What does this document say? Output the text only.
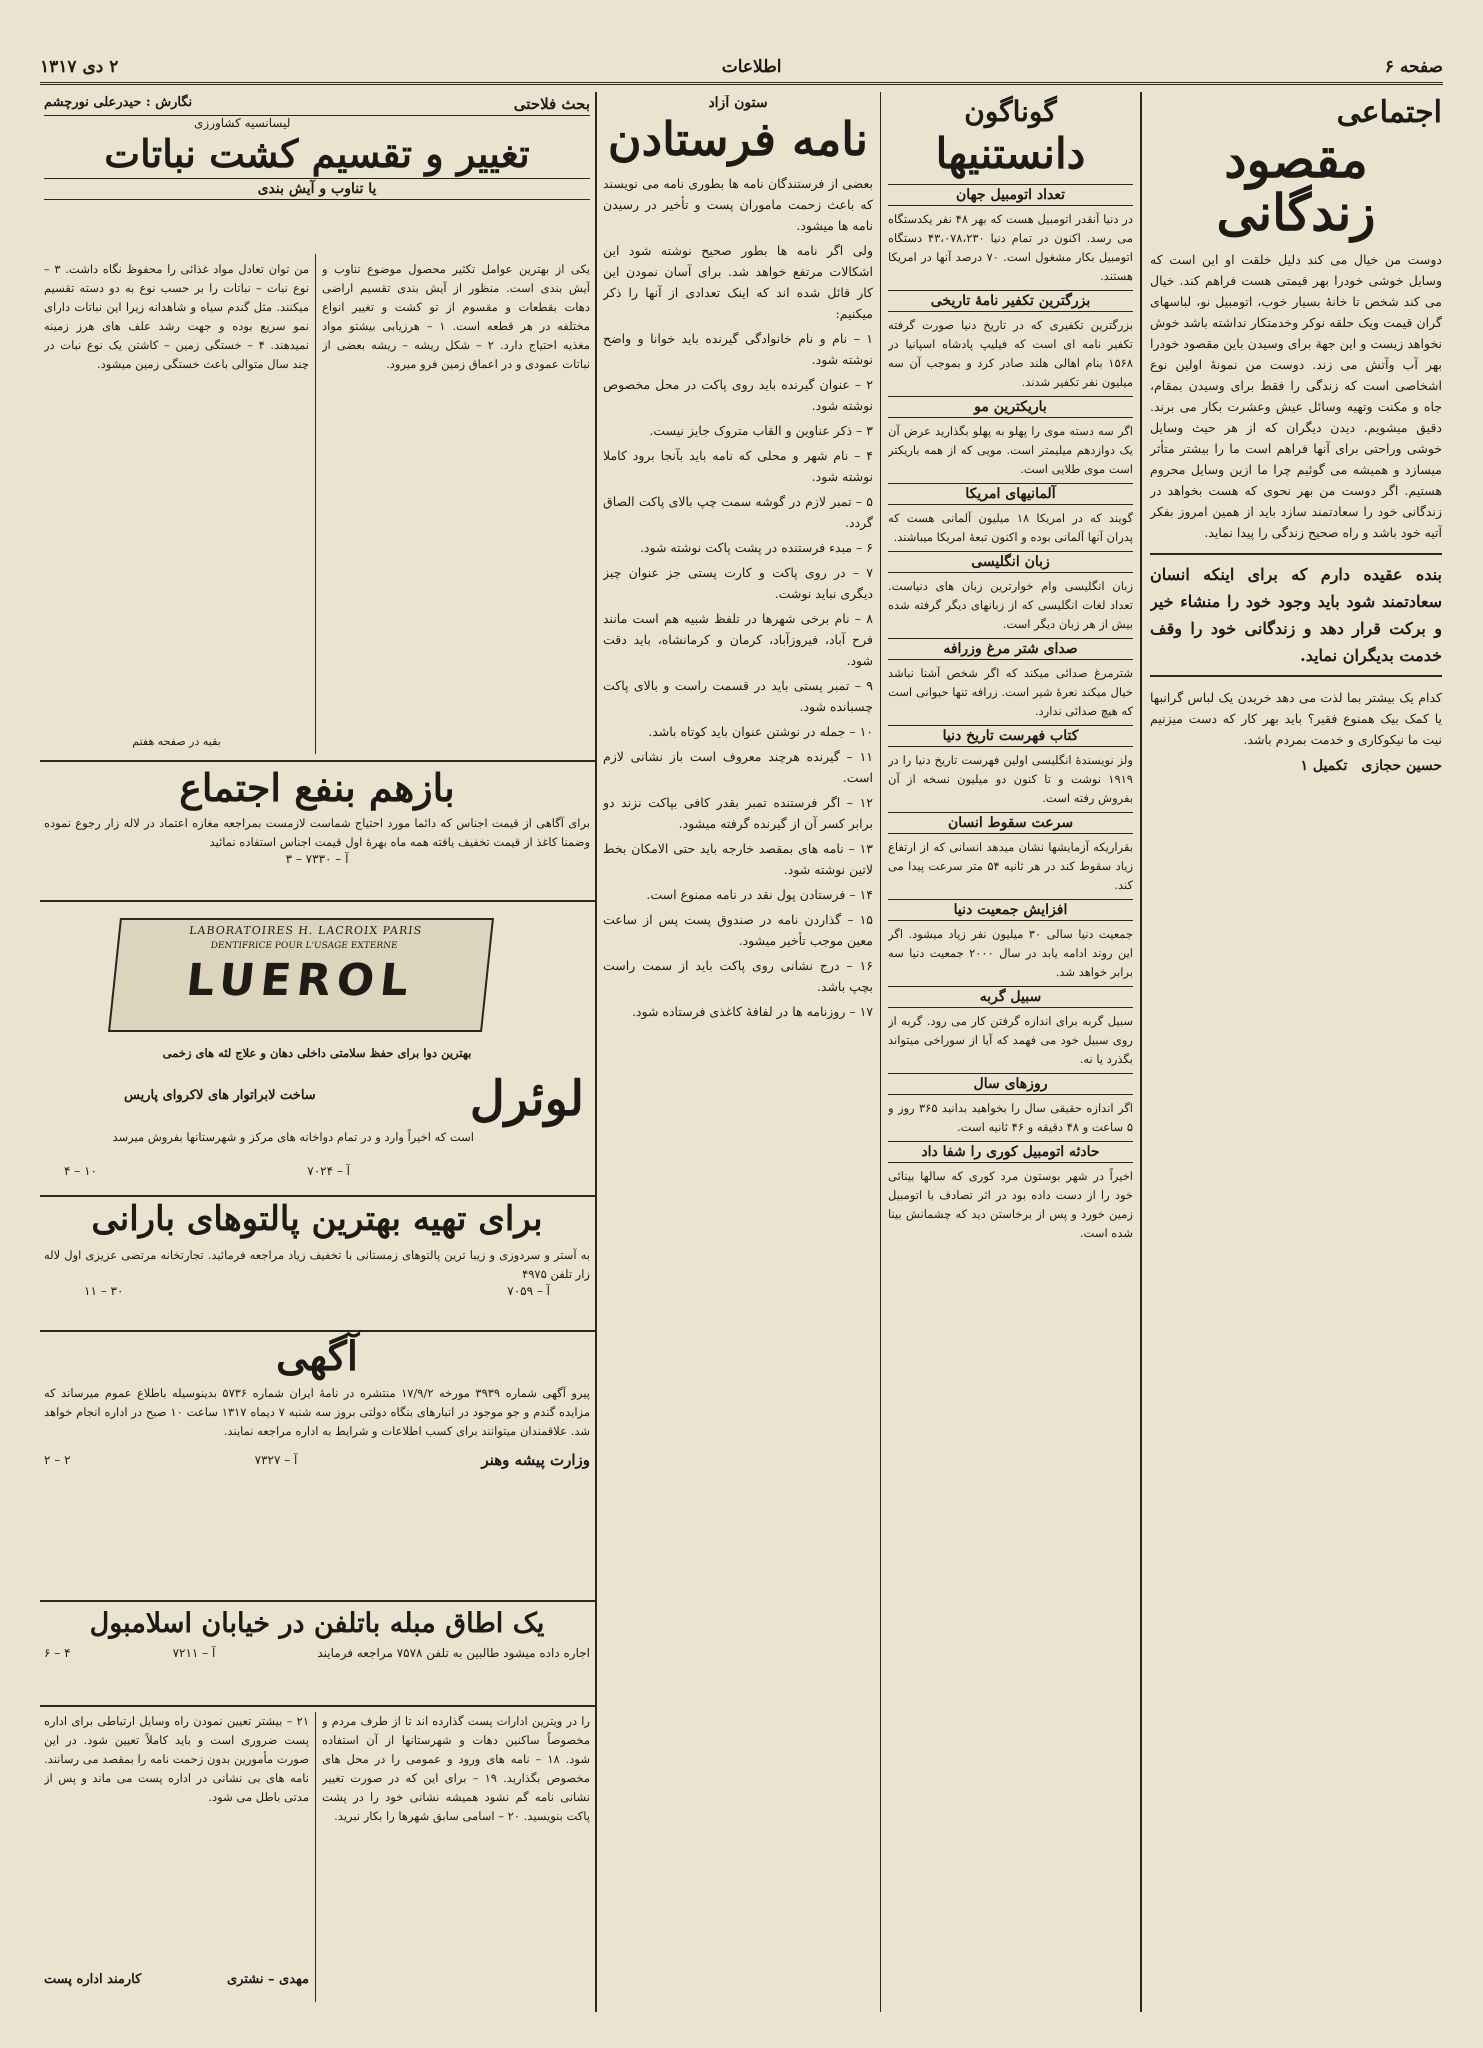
صفحه ۶
اطلاعات
۲ دی ۱۳۱۷
اجتماعی
مقصود زندگانی
دوست من خیال می کند دلیل خلقت او این است که وسایل خوشی خودرا بهر قیمتی هست فراهم کند. خیال می کند شخص تا خانهٔ بسیار خوب، اتومبیل نو، لباسهای گران قیمت ویک حلقه نوکر وخدمتکار نداشته باشد خوش نخواهد زیست و این جهة برای وسیدن باین مقصود خودرا بهر آب وآتش می زند. دوست من نمونهٔ اولین نوع اشخاصی است که زندگی را فقط برای وسیدن بمقام، جاه و مکنت وتهیه وسائل عیش وعشرت بکار می برند. دقیق میشویم. دیدن دیگران که از هر حیث وسایل خوشی وراحتی برای آنها فراهم است ما را بیشتر متأثر میسازد و همیشه می گوئیم چرا ما ازین وسایل محروم هستیم. اگر دوست من بهر نحوی که هست بخواهد در زندگانی خود را سعادتمند سازد باید از همین امروز بفکر آتیه خود باشد و راه صحیح زندگی را پیدا نماید.
بنده عقیده دارم که برای اینکه انسان سعادتمند شود باید وجود خود را منشاء خیر و برکت قرار دهد و زندگانی خود را وقف خدمت بدیگران نماید.
کدام یک بیشتر بما لذت می دهد خریدن یک لباس گرانبها یا کمک بیک همنوع فقیر؟ باید بهر کار که دست میزنیم نیت ما نیکوکاری و خدمت بمردم باشد.
حسین حجازی
تکمیل ۱
گوناگون
دانستنیها
تعداد اتومبیل جهان
در دنیا آنقدر اتومبیل هست که بهر ۴۸ نفر یکدستگاه می رسد. اکنون در تمام دنیا ۴۳،۰۷۸،۲۳۰ دستگاه اتومبیل بکار مشغول است. ۷۰ درصد آنها در امریکا هستند.
بزرگترین تکفیر نامهٔ تاریخی
بزرگترین تکفیری که در تاریخ دنیا صورت گرفته تکفیر نامه ای است که فیلیپ پادشاه اسپانیا در ۱۵۶۸ بنام اهالی هلند صادر کرد و بموجب آن سه میلیون نفر تکفیر شدند.
باریکترین مو
اگر سه دسته موی را پهلو به پهلو بگذارید عرض آن یک دوازدهم میلیمتر است. مویی که از همه باریکتر است موی طلایی است.
آلمانیهای امریکا
گویند که در امریکا ۱۸ میلیون آلمانی هست که پدران آنها آلمانی بوده و اکنون تبعهٔ امریکا میباشند.
زبان انگلیسی
زبان انگلیسی وام خوارترین زبان های دنیاست. تعداد لغات انگلیسی که از زبانهای دیگر گرفته شده بیش از هر زبان دیگر است.
صدای شتر مرغ وزرافه
شترمرغ صدائی میکند که اگر شخص آشنا نباشد خیال میکند نعرهٔ شیر است. زرافه تنها حیوانی است که هیچ صدائی ندارد.
کتاب فهرست تاریخ دنیا
ولز نویسندهٔ انگلیسی اولین فهرست تاریخ دنیا را در ۱۹۱۹ نوشت و تا کنون دو میلیون نسخه از آن بفروش رفته است.
سرعت سقوط انسان
بقراریکه آزمایشها نشان میدهد انسانی که از ارتفاع زیاد سقوط کند در هر ثانیه ۵۴ متر سرعت پیدا می کند.
افزایش جمعیت دنیا
جمعیت دنیا سالی ۳۰ میلیون نفر زیاد میشود. اگر این روند ادامه یابد در سال ۲۰۰۰ جمعیت دنیا سه برابر خواهد شد.
سبیل گربه
سبیل گربه برای اندازه گرفتن کار می رود. گربه از روی سبیل خود می فهمد که آیا از سوراخی میتواند بگذرد یا نه.
روزهای سال
اگر اندازه حقیقی سال را بخواهید بدانید ۳۶۵ روز و ۵ ساعت و ۴۸ دقیقه و ۴۶ ثانیه است.
حادثه اتومبیل کوری را شفا داد
اخیراً در شهر بوستون مرد کوری که سالها بینائی خود را از دست داده بود در اثر تصادف با اتومبیل زمین خورد و پس از برخاستن دید که چشمانش بینا شده است.
ستون آزاد
نامه فرستادن

بعضی از فرستندگان نامه ها بطوری نامه می نویسند که باعث زحمت ماموران پست و تأخیر در رسیدن نامه ها میشود.

ولی اگر نامه ها بطور صحیح نوشته شود این اشکالات مرتفع خواهد شد. برای آسان نمودن این کار قائل شده اند که اینک تعدادی از آنها را ذکر میکنیم:

۱ – نام و نام خانوادگی گیرنده باید خوانا و واضح نوشته شود.

۲ – عنوان گیرنده باید روی پاکت در محل مخصوص نوشته شود.

۳ – ذکر عناوین و القاب متروک جایز نیست.

۴ – نام شهر و محلی که نامه باید بآنجا برود کاملا نوشته شود.

۵ – تمبر لازم در گوشه سمت چپ بالای پاکت الصاق گردد.

۶ – مبدء فرستنده در پشت پاکت نوشته شود.

۷ – در روی پاکت و کارت پستی جز عنوان چیز دیگری نباید نوشت.

۸ – نام برخی شهرها در تلفظ شبیه هم است مانند فرح آباد، فیروزآباد، کرمان و کرمانشاه، باید دقت شود.

۹ – تمبر پستی باید در قسمت راست و بالای پاکت چسبانده شود.

۱۰ – جمله در نوشتن عنوان باید کوتاه باشد.

۱۱ – گیرنده هرچند معروف است باز نشانی لازم است.

۱۲ – اگر فرستنده تمبر بقدر کافی بپاکت نزند دو برابر کسر آن از گیرنده گرفته میشود.

۱۳ – نامه های بمقصد خارجه باید حتی الامکان بخط لاتین نوشته شود.

۱۴ – فرستادن پول نقد در نامه ممنوع است.

۱۵ – گذاردن نامه در صندوق پست پس از ساعت معین موجب تأخیر میشود.

۱۶ – درج نشانی روی پاکت باید از سمت راست بچپ باشد.

۱۷ – روزنامه ها در لفافهٔ کاغذی فرستاده شود.

بحث فلاحتی
نگارش : حیدرعلی نورچشم
لیسانسیه کشاورزی
تغییر و تقسیم کشت نباتات
یا تناوب و آیش بندی
یکی از بهترین عوامل تکثیر محصول موضوع تناوب و آیش بندی است. منظور از آیش بندی تقسیم اراضی دهات بقطعات و مقسوم از تو کشت و تغییر انواع مختلفه در هر قطعه است. ۱ – هرزیابی بیشتو مواد مغذیه احتیاج دارد. ۲ – شکل ریشه – ریشه بعضی از نباتات عمودی و در اعماق زمین فرو میرود.
من توان تعادل مواد غذائی را محفوظ نگاه داشت. ۳ – نوع نبات – نباتات را بر حسب نوع به دو دسته تقسیم میکنند. مثل گندم سیاه و شاهدانه زیرا این نباتات دارای نمو سریع بوده و جهت رشد علف های هرز زمینه نمیدهند. ۴ – خستگی زمین – کاشتن یک نوع نبات در چند سال متوالی باعث خستگی زمین میشود.
بقیه در صفحه هفتم
بازهم بنفع اجتماع
برای آگاهی از قیمت اجناس که دائما مورد احتیاج شماست لازمست بمراجعه مغازه اعتماد در لاله زار رجوع نموده وضمنا کاغذ از قیمت تخفیف یافته همه ماه بهرهٔ اول قیمت اجناس استفاده نمائید
آ – ۷۳۳۰ – ۳
LABORATOIRES H. LACROIX PARIS
DENTIFRICE POUR L'USAGE EXTERNE
LUEROL
بهترین دوا برای حفظ سلامتی داخلی دهان و علاج لثه های زخمی
لوئرل
ساخت لابراتوار های لاکروای پاریس
است که اخیراً وارد و در تمام دواخانه های مرکز و شهرستانها بفروش میرسد
آ – ۷۰۲۴
۱۰ – ۴
برای تهیه بهترین پالتوهای بارانی
به آستر و سردوزی و زیبا ترین پالتوهای زمستانی با تخفیف زیاد مراجعه فرمائید. تجارتخانه مرتضی عزیزی اول لاله زار تلفن ۴۹۷۵
آ – ۷۰۵۹
۳۰ – ۱۱
آگهی
پیرو آگهی شماره ۳۹۳۹ مورخه ۱۷/۹/۲ منتشره در نامهٔ ایران شماره ۵۷۳۶ بدینوسیله باطلاع عموم میرساند که مزایده گندم و جو موجود در انبارهای بنگاه دولتی بروز سه شنبه ۷ دیماه ۱۳۱۷ ساعت ۱۰ صبح در اداره انجام خواهد شد. علاقمندان میتوانند برای کسب اطلاعات و شرایط به اداره مراجعه نمایند.
وزارت پیشه وهنر
آ – ۷۳۲۷
۲ – ۲
یک اطاق مبله باتلفن در خیابان اسلامبول
اجاره داده میشود طالبین به تلفن ۷۵۷۸ مراجعه فرمایند
آ – ۷۲۱۱
۴ – ۶
را در ویترین ادارات پست گذارده اند تا از طرف مردم و مخصوصاً ساکنین دهات و شهرستانها از آن استفاده شود. ۱۸ – نامه های ورود و عمومی را در محل های مخصوص بگذارید. ۱۹ – برای این که در صورت تغییر نشانی نامه گم نشود همیشه نشانی خود را در پشت پاکت بنویسید. ۲۰ – اسامی سابق شهرها را بکار نبرید.
۲۱ – بیشتر تعیین نمودن راه وسایل ارتباطی برای اداره پست ضروری است و باید کاملاً تعیین شود. در این صورت مأمورین بدون زحمت نامه را بمقصد می رسانند. نامه های بی نشانی در اداره پست می ماند و پس از مدتی باطل می شود.
مهدی – نشتری
کارمند اداره پست
